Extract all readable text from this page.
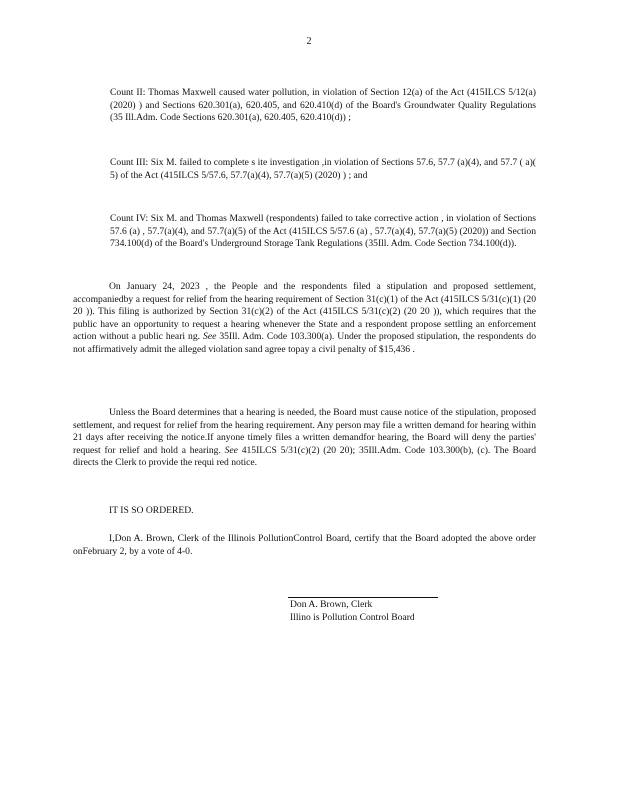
2
Count II: Thomas Maxwell caused water pollution, in violation of Section 12(a) of the Act (415ILCS 5/12(a) (2020) ) and Sections 620.301(a), 620.405, and 620.410(d) of the Board's Groundwater Quality Regulations (35 Ill.Adm. Code Sections 620.301(a), 620.405, 620.410(d)) ;
Count III: Six M. failed to complete s ite investigation ,in violation of Sections 57.6, 57.7 (a)(4), and 57.7 ( a)( 5) of the Act (415ILCS 5/57.6, 57.7(a)(4), 57.7(a)(5) (2020) ) ; and
Count IV: Six M. and Thomas Maxwell (respondents) failed to take corrective action , in violation of Sections 57.6 (a) , 57.7(a)(4), and 57.7(a)(5) of the Act (415ILCS 5/57.6 (a) , 57.7(a)(4), 57.7(a)(5) (2020)) and Section 734.100(d) of the Board's Underground Storage Tank Regulations (35Ill. Adm. Code Section 734.100(d)).

On January 24, 2023 , the People and the respondents filed a stipulation and proposed settlement, accompaniedby a request for relief from the hearing requirement of Section 31(c)(1) of the Act (415ILCS 5/31(c)(1) (20 20 )). This filing is authorized by Section 31(c)(2) of the Act (415ILCS 5/31(c)(2) (20 20 )), which requires that the public have an opportunity to request a hearing whenever the State and a respondent propose settling an enforcement action without a public heari ng. See 35Ill. Adm. Code 103.300(a). Under the proposed stipulation, the respondents do not affirmatively admit the alleged violation sand agree topay a civil penalty of $15,436 .

Unless the Board determines that a hearing is needed, the Board must cause notice of the stipulation, proposed settlement, and request for relief from the hearing requirement. Any person may file a written demand for hearing within 21 days after receiving the notice.If anyone timely files a written demandfor hearing, the Board will deny the parties' request for relief and hold a hearing. See 415ILCS 5/31(c)(2) (20 20); 35Ill.Adm. Code 103.300(b), (c). The Board directs the Clerk to provide the requi red notice.

IT IS SO ORDERED.

I,Don A. Brown, Clerk of the Illinois PollutionControl Board, certify that the Board adopted the above order onFebruary 2, by a vote of 4-0.

Don A. Brown, Clerk
Illino is Pollution Control Board
